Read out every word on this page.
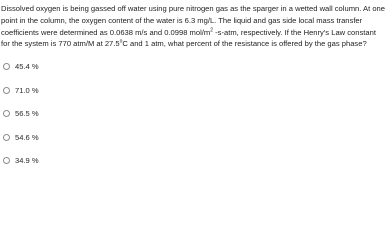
Dissolved oxygen is being gassed off water using pure nitrogen gas as the sparger in a wetted wall column. At one
point in the column, the oxygen content of the water is 6.3 mg/L. The liquid and gas side local mass transfer
coefficients were determined as 0.0638 m/s and 0.0998 mol/$m^2$ -s-atm, respectively. If the Henry's Law constant
for the system is 770 atm/M at 27.5$^o$C and 1 atm, what percent of the resistance is offered by the gas phase?
45.4 %
71.0 %
56.5 %
54.6 %
34.9 %
